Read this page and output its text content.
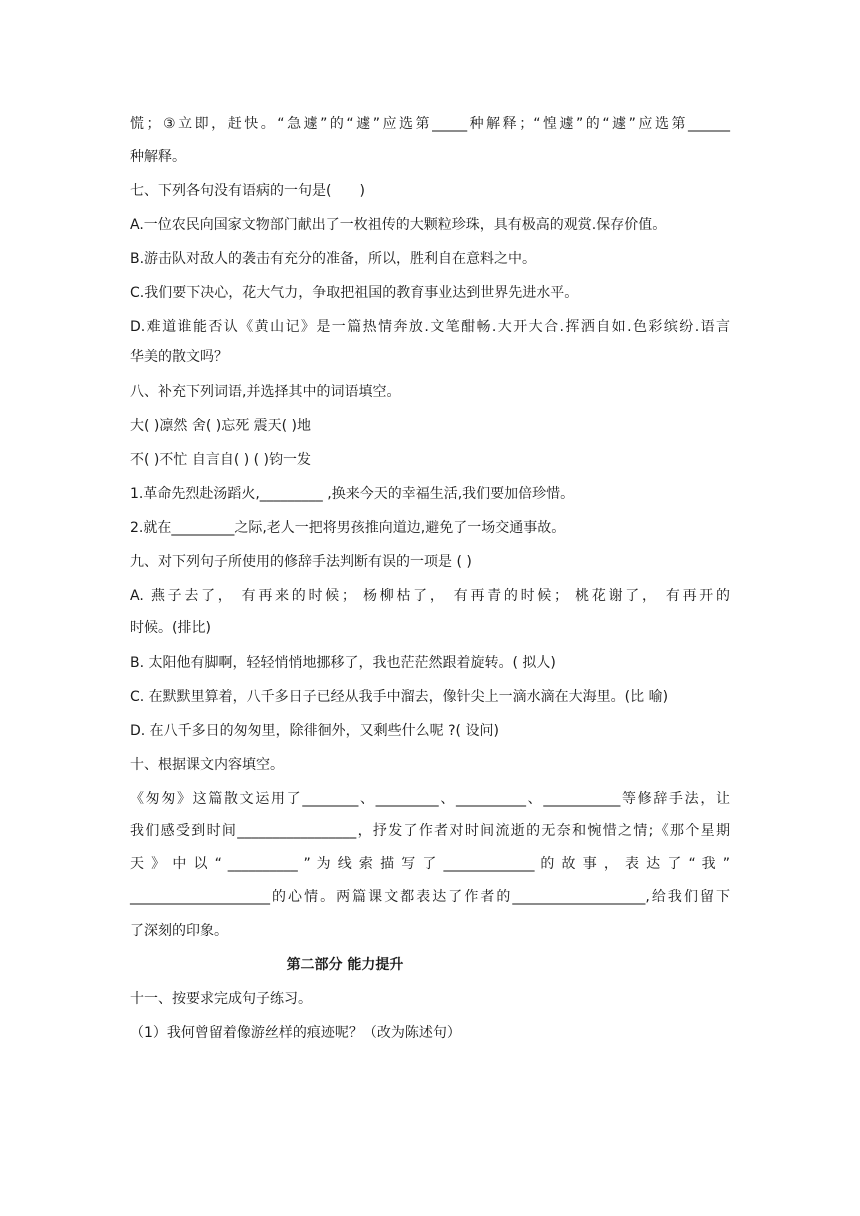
慌；③立即，赶快。“急遽”的“遽”应选第_____种解释；“惶遽”的“遽”应选第______
种解释。
七、下列各句没有语病的一句是(　　)
A.一位农民向国家文物部门献出了一枚祖传的大颗粒珍珠，具有极高的观赏.保存价值。
B.游击队对敌人的袭击有充分的准备，所以，胜利自在意料之中。
C.我们要下决心，花大气力，争取把祖国的教育事业达到世界先进水平。
D.难道谁能否认《黄山记》是一篇热情奔放.文笔酣畅.大开大合.挥洒自如.色彩缤纷.语言
华美的散文吗？
八、补充下列词语,并选择其中的词语填空。
大( )凛然 舍( )忘死 震天( )地
不( )不忙 自言自( ) ( )钧一发
1.革命先烈赴汤蹈火,_________ ,换来今天的幸福生活,我们要加倍珍惜。
2.就在_________之际,老人一把将男孩推向道边,避免了一场交通事故。
九、对下列句子所使用的修辞手法判断有误的一项是 ( )
A. 燕子去了， 有再来的时候； 杨柳枯了， 有再青的时候； 桃花谢了， 有再开的
时候。(排比)
B. 太阳他有脚啊，轻轻悄悄地挪移了，我也茫茫然跟着旋转。( 拟人)
C. 在默默里算着，八千多日子已经从我手中溜去，像针尖上一滴水滴在大海里。(比 喻)
D. 在八千多日的匆匆里，除徘徊外，又剩些什么呢 ?( 设问)
十、根据课文内容填空。
《匆匆》这篇散文运用了________、_________、__________、___________等修辞手法，让
我们感受到时间_________________，抒发了作者对时间流逝的无奈和惋惜之情;《那个星期
天 》 中 以 “ __________ ” 为 线 索 描 写 了 _____________ 的 故 事 ， 表 达 了 “ 我 ”
____________________的心情。两篇课文都表达了作者的___________________,给我们留下
了深刻的印象。
第二部分 能力提升
十一、按要求完成句子练习。
（1）我何曾留着像游丝样的痕迹呢？（改为陈述句）
